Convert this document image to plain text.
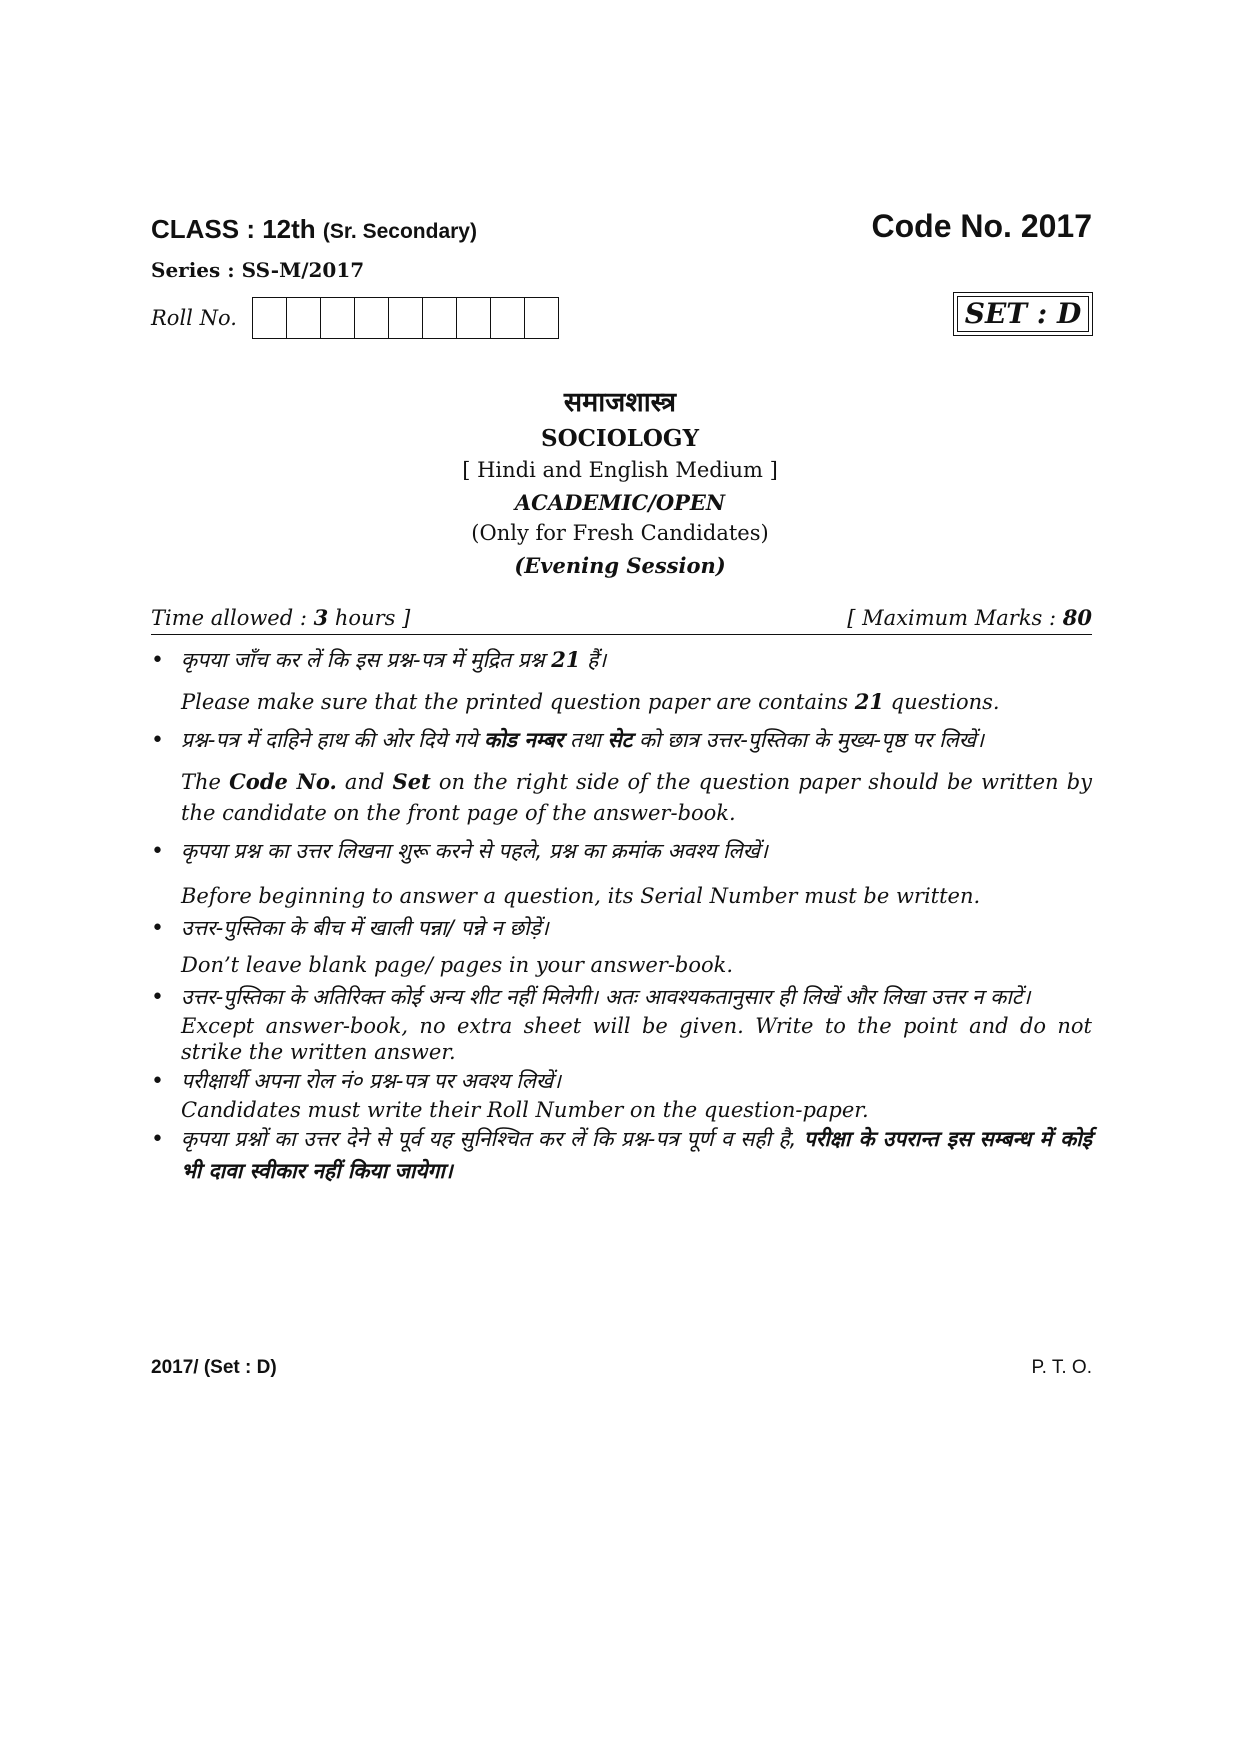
CLASS : 12th (Sr. Secondary)	Code No. 2017
Series : SS-M/2017
Roll No.	SET : D
समाजशास्त्र
SOCIOLOGY
[ Hindi and English Medium ]
ACADEMIC/OPEN
(Only for Fresh Candidates)
(Evening Session)
Time allowed : 3 hours ]	[ Maximum Marks : 80
• कृपया जाँच कर लें कि इस प्रश्न-पत्र में मुद्रित प्रश्न 21 हैं।
Please make sure that the printed question paper are contains 21 questions.
• प्रश्न-पत्र में दाहिने हाथ की ओर दिये गये कोड नम्बर तथा सेट को छात्र उत्तर-पुस्तिका के मुख्य-पृष्ठ पर लिखें।
The Code No. and Set on the right side of the question paper should be written by the candidate on the front page of the answer-book.
• कृपया प्रश्न का उत्तर लिखना शुरू करने से पहले, प्रश्न का क्रमांक अवश्य लिखें।
Before beginning to answer a question, its Serial Number must be written.
• उत्तर-पुस्तिका के बीच में खाली पन्ना/ पन्ने न छोड़ें।
Don’t leave blank page/ pages in your answer-book.
• उत्तर-पुस्तिका के अतिरिक्त कोई अन्य शीट नहीं मिलेगी। अतः आवश्यकतानुसार ही लिखें और लिखा उत्तर न काटें।
Except answer-book, no extra sheet will be given. Write to the point and do not strike the written answer.
• परीक्षार्थी अपना रोल नं० प्रश्न-पत्र पर अवश्य लिखें।
Candidates must write their Roll Number on the question-paper.
• कृपया प्रश्नों का उत्तर देने से पूर्व यह सुनिश्चित कर लें कि प्रश्न-पत्र पूर्ण व सही है, परीक्षा के उपरान्त इस सम्बन्ध में कोई भी दावा स्वीकार नहीं किया जायेगा।
2017/ (Set : D)	P. T. O.
